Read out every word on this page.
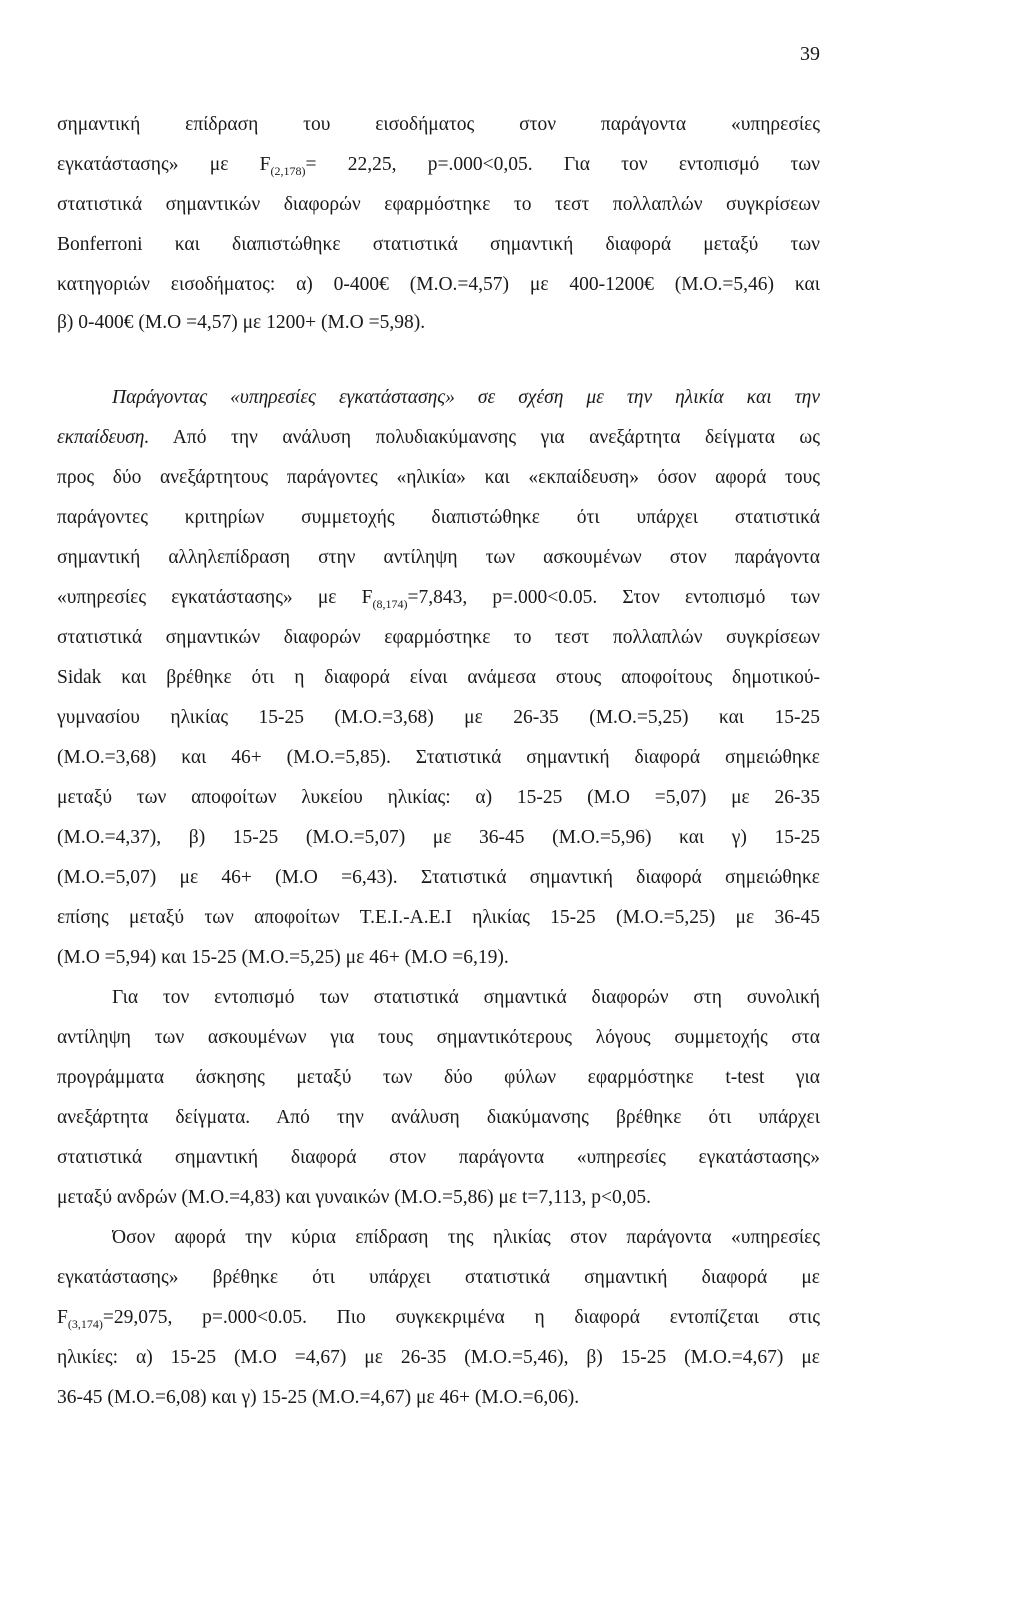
39
σημαντική επίδραση του εισοδήματος στον παράγοντα «υπηρεσίες
εγκατάστασης» με $F_{(2,178)}= 22,25$, p=.000<0,05. Για τον εντοπισμό των
στατιστικά σημαντικών διαφορών εφαρμόστηκε το τεστ πολλαπλών συγκρίσεων
Bonferroni και διαπιστώθηκε στατιστικά σημαντική διαφορά μεταξύ των
κατηγοριών εισοδήματος: α) 0-400€ (Μ.Ο.=4,57) με 400-1200€ (Μ.Ο.=5,46) και
β) 0-400€ (Μ.Ο =4,57) με 1200+ (Μ.Ο =5,98).
Παράγοντας «υπηρεσίες εγκατάστασης» σε σχέση με την ηλικία και την
εκπαίδευση. Από την ανάλυση πολυδιακύμανσης για ανεξάρτητα δείγματα ως
προς δύο ανεξάρτητους παράγοντες «ηλικία» και «εκπαίδευση» όσον αφορά τους
παράγοντες κριτηρίων συμμετοχής διαπιστώθηκε ότι υπάρχει στατιστικά
σημαντική αλληλεπίδραση στην αντίληψη των ασκουμένων στον παράγοντα
«υπηρεσίες εγκατάστασης» με $F_{(8,174)}=7,843$, p=.000<0.05. Στον εντοπισμό των
στατιστικά σημαντικών διαφορών εφαρμόστηκε το τεστ πολλαπλών συγκρίσεων
Sidak και βρέθηκε ότι η διαφορά είναι ανάμεσα στους αποφοίτους δημοτικού-
γυμνασίου ηλικίας 15-25 (Μ.Ο.=3,68) με 26-35 (Μ.Ο.=5,25) και 15-25
(Μ.Ο.=3,68) και 46+ (Μ.Ο.=5,85). Στατιστικά σημαντική διαφορά σημειώθηκε
μεταξύ των αποφοίτων λυκείου ηλικίας: α) 15-25 (Μ.Ο =5,07) με 26-35
(Μ.Ο.=4,37), β) 15-25 (Μ.Ο.=5,07) με 36-45 (Μ.Ο.=5,96) και γ) 15-25
(Μ.Ο.=5,07) με 46+ (Μ.Ο =6,43). Στατιστικά σημαντική διαφορά σημειώθηκε
επίσης μεταξύ των αποφοίτων Τ.Ε.Ι.-Α.Ε.Ι ηλικίας 15-25 (Μ.Ο.=5,25) με 36-45
(Μ.Ο =5,94) και 15-25 (Μ.Ο.=5,25) με 46+ (Μ.Ο =6,19).
Για τον εντοπισμό των στατιστικά σημαντικά διαφορών στη συνολική
αντίληψη των ασκουμένων για τους σημαντικότερους λόγους συμμετοχής στα
προγράμματα άσκησης μεταξύ των δύο φύλων εφαρμόστηκε t-test για
ανεξάρτητα δείγματα. Από την ανάλυση διακύμανσης βρέθηκε ότι υπάρχει
στατιστικά σημαντική διαφορά στον παράγοντα «υπηρεσίες εγκατάστασης»
μεταξύ ανδρών (Μ.Ο.=4,83) και γυναικών (Μ.Ο.=5,86) με t=7,113, p<0,05.
Όσον αφορά την κύρια επίδραση της ηλικίας στον παράγοντα «υπηρεσίες
εγκατάστασης» βρέθηκε ότι υπάρχει στατιστικά σημαντική διαφορά με
$F_{(3,174)}=29,075$, p=.000<0.05. Πιο συγκεκριμένα η διαφορά εντοπίζεται στις
ηλικίες: α) 15-25 (Μ.Ο =4,67) με 26-35 (Μ.Ο.=5,46), β) 15-25 (Μ.Ο.=4,67) με
36-45 (Μ.Ο.=6,08) και γ) 15-25 (Μ.Ο.=4,67) με 46+ (Μ.Ο.=6,06).
